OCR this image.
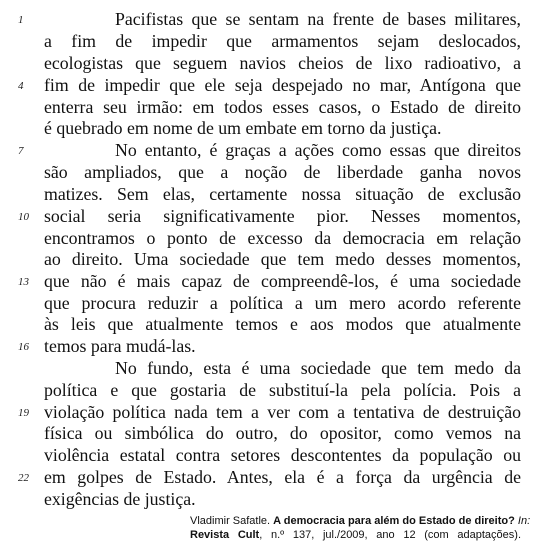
Pacifistas que se sentam na frente de bases militares,
a fim de impedir que armamentos sejam deslocados,
ecologistas que seguem navios cheios de lixo radioativo, a
fim de impedir que ele seja despejado no mar, Antígona que
enterra seu irmão: em todos esses casos, o Estado de direito
é quebrado em nome de um embate em torno da justiça.
No entanto, é graças a ações como essas que direitos
são ampliados, que a noção de liberdade ganha novos
matizes. Sem elas, certamente nossa situação de exclusão
social seria significativamente pior. Nesses momentos,
encontramos o ponto de excesso da democracia em relação
ao direito. Uma sociedade que tem medo desses momentos,
que não é mais capaz de compreendê-los, é uma sociedade
que procura reduzir a política a um mero acordo referente
às leis que atualmente temos e aos modos que atualmente
temos para mudá-las.
No fundo, esta é uma sociedade que tem medo da
política e que gostaria de substituí-la pela polícia. Pois a
violação política nada tem a ver com a tentativa de destruição
física ou simbólica do outro, do opositor, como vemos na
violência estatal contra setores descontentes da população ou
em golpes de Estado. Antes, ela é a força da urgência de
exigências de justiça.
1
4
7
10
13
16
19
22
Vladimir Safatle. A democracia para além do Estado de direito? In:
Revista Cult, n.º 137, jul./2009, ano 12 (com adaptações).
